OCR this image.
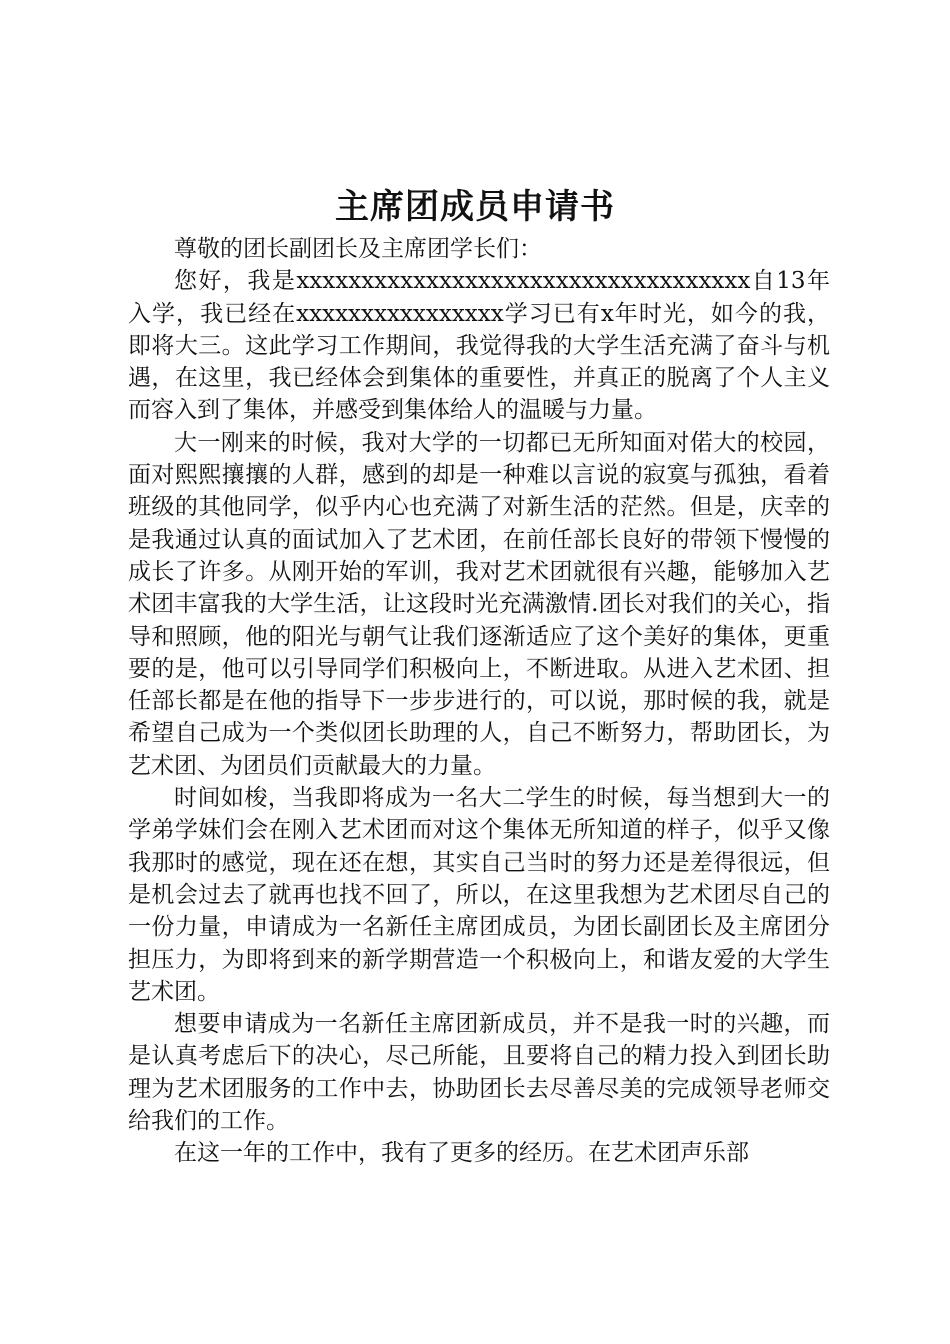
主席团成员申请书

尊敬的团长副团长及主席团学长们：

您好，我是xxxxxxxxxxxxxxxxxxxxxxxxxxxxxxxxxxx自13年入学，我已经在xxxxxxxxxxxxxxxx学习已有x年时光，如今的我，即将大三。这此学习工作期间，我觉得我的大学生活充满了奋斗与机遇，在这里，我已经体会到集体的重要性，并真正的脱离了个人主义而容入到了集体，并感受到集体给人的温暖与力量。

大一刚来的时候，我对大学的一切都已无所知面对偌大的校园，面对熙熙攘攘的人群，感到的却是一种难以言说的寂寞与孤独，看着班级的其他同学，似乎内心也充满了对新生活的茫然。但是，庆幸的是我通过认真的面试加入了艺术团，在前任部长良好的带领下慢慢的成长了许多。从刚开始的军训，我对艺术团就很有兴趣，能够加入艺术团丰富我的大学生活，让这段时光充满激情.团长对我们的关心，指导和照顾，他的阳光与朝气让我们逐渐适应了这个美好的集体，更重要的是，他可以引导同学们积极向上，不断进取。从进入艺术团、担任部长都是在他的指导下一步步进行的，可以说，那时候的我，就是希望自己成为一个类似团长助理的人，自己不断努力，帮助团长，为艺术团、为团员们贡献最大的力量。

时间如梭，当我即将成为一名大二学生的时候，每当想到大一的学弟学妹们会在刚入艺术团而对这个集体无所知道的样子，似乎又像我那时的感觉，现在还在想，其实自己当时的努力还是差得很远，但是机会过去了就再也找不回了，所以，在这里我想为艺术团尽自己的一份力量，申请成为一名新任主席团成员，为团长副团长及主席团分担压力，为即将到来的新学期营造一个积极向上，和谐友爱的大学生艺术团。

想要申请成为一名新任主席团新成员，并不是我一时的兴趣，而是认真考虑后下的决心，尽己所能，且要将自己的精力投入到团长助理为艺术团服务的工作中去，协助团长去尽善尽美的完成领导老师交给我们的工作。

在这一年的工作中，我有了更多的经历。在艺术团声乐部
